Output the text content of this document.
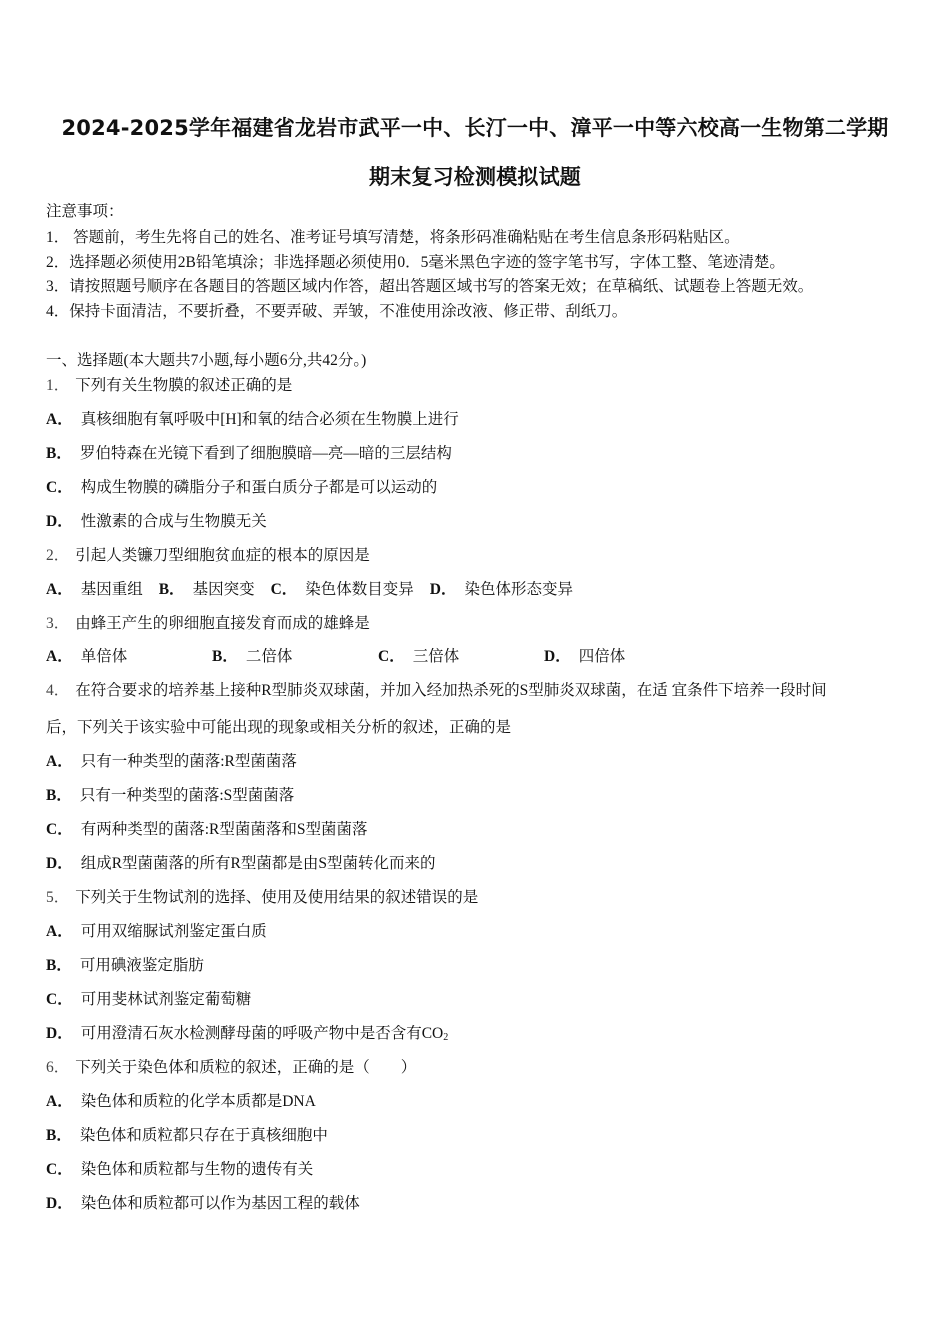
2024-2025学年福建省龙岩市武平一中、长汀一中、漳平一中等六校高一生物第二学期
期末复习检测模拟试题
注意事项：
1． 答题前，考生先将自己的姓名、准考证号填写清楚，将条形码准确粘贴在考生信息条形码粘贴区。
2．选择题必须使用2B铅笔填涂；非选择题必须使用0．5毫米黑色字迹的签字笔书写，字体工整、笔迹清楚。
3．请按照题号顺序在各题目的答题区域内作答，超出答题区域书写的答案无效；在草稿纸、试题卷上答题无效。
4．保持卡面清洁，不要折叠，不要弄破、弄皱，不准使用涂改液、修正带、刮纸刀。
一、选择题(本大题共7小题,每小题6分,共42分。)
1． 下列有关生物膜的叙述正确的是
A． 真核细胞有氧呼吸中[H]和氧的结合必须在生物膜上进行
B． 罗伯特森在光镜下看到了细胞膜暗—亮—暗的三层结构
C． 构成生物膜的磷脂分子和蛋白质分子都是可以运动的
D． 性激素的合成与生物膜无关
2． 引起人类镰刀型细胞贫血症的根本的原因是
A． 基因重组 B． 基因突变 C． 染色体数目变异 D． 染色体形态变异
3． 由蜂王产生的卵细胞直接发育而成的雄蜂是
A． 单倍体	B． 二倍体	C． 三倍体	D． 四倍体
4． 在符合要求的培养基上接种R型肺炎双球菌，并加入经加热杀死的S型肺炎双球菌，在适 宜条件下培养一段时间
后，下列关于该实验中可能出现的现象或相关分析的叙述，正确的是
A． 只有一种类型的菌落:R型菌菌落
B． 只有一种类型的菌落:S型菌菌落
C． 有两种类型的菌落:R型菌菌落和S型菌菌落
D． 组成R型菌菌落的所有R型菌都是由S型菌转化而来的
5． 下列关于生物试剂的选择、使用及使用结果的叙述错误的是
A． 可用双缩脲试剂鉴定蛋白质
B． 可用碘液鉴定脂肪
C． 可用斐林试剂鉴定葡萄糖
D． 可用澄清石灰水检测酵母菌的呼吸产物中是否含有$CO_2$
6． 下列关于染色体和质粒的叙述，正确的是（　　）
A． 染色体和质粒的化学本质都是DNA
B． 染色体和质粒都只存在于真核细胞中
C． 染色体和质粒都与生物的遗传有关
D． 染色体和质粒都可以作为基因工程的载体
